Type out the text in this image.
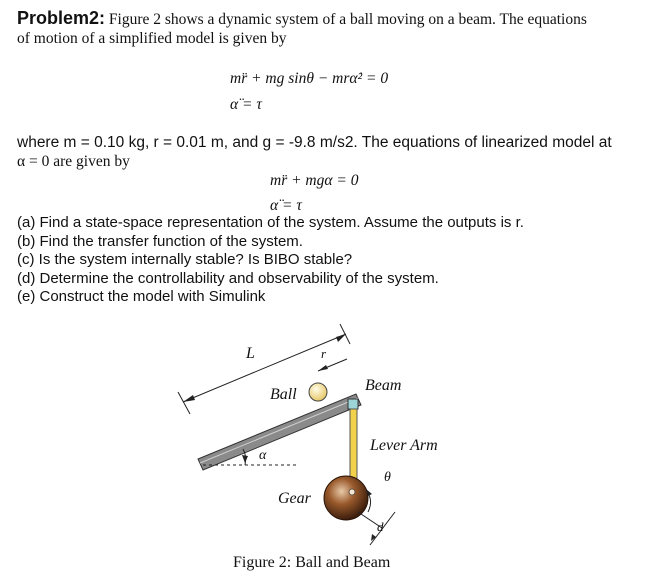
Problem2: Figure 2 shows a dynamic system of a ball moving on a beam. The equations
of motion of a simplified model is given by
mr̈ + mg sinθ − mrα̇² = 0
α̈ = τ
where m = 0.10 kg, r = 0.01 m, and g = -9.8 m/s2. The equations of linearized model at
α = 0 are given by
mr̈ + mgα = 0
α̈ = τ
(a) Find a state-space representation of the system. Assume the outputs is r.
(b) Find the transfer function of the system.
(c) Is the system internally stable? Is BIBO stable?
(d) Determine the controllability and observability of the system.
(e) Construct the model with Simulink
L	r
Ball
Beam
Lever Arm
α
θ
Gear
d
Figure 2: Ball and Beam
